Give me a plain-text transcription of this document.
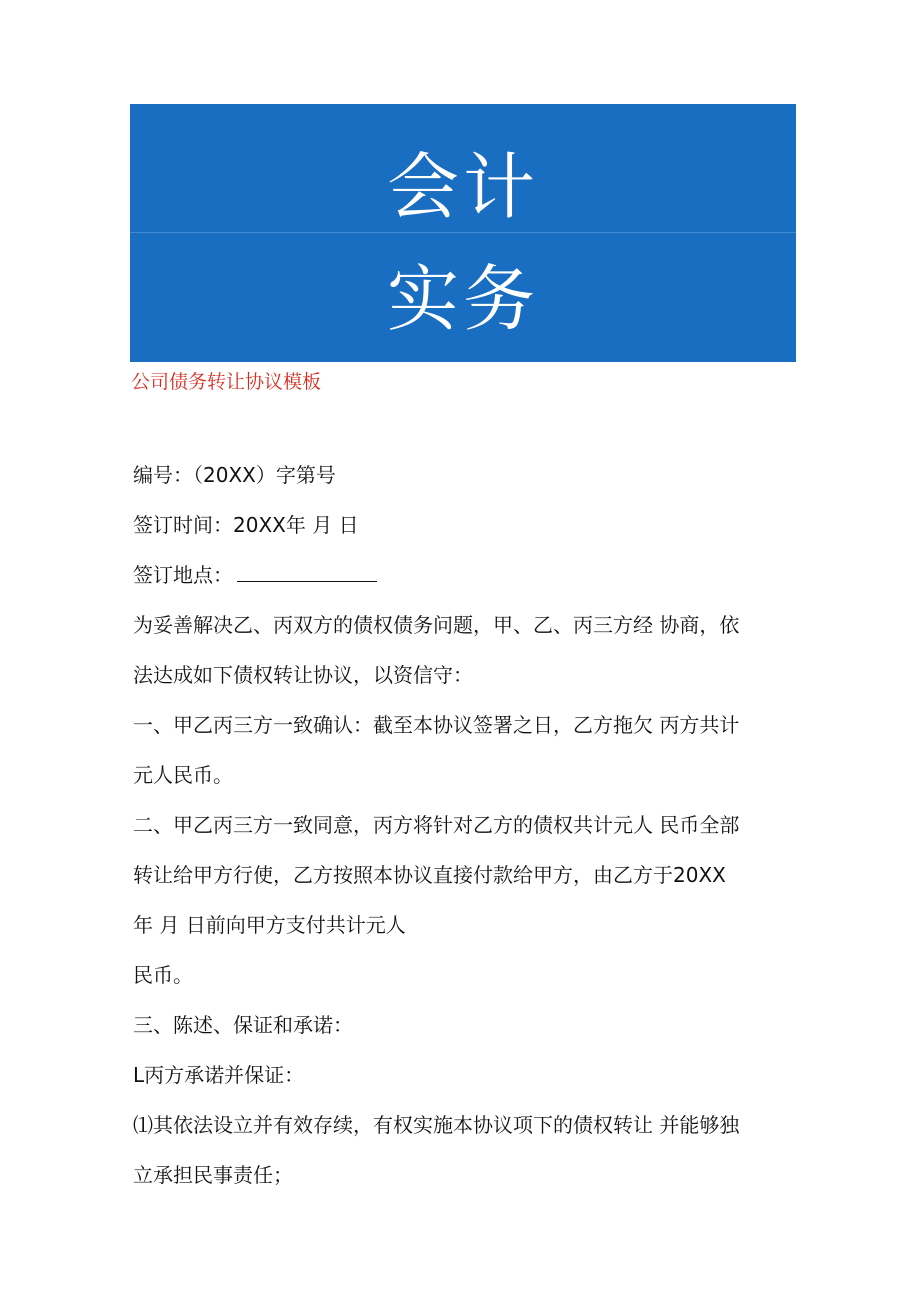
会计
实务
公司债务转让协议模板
编号：（20XX）字第号
签订时间：20XX年 月 日
签订地点：
为妥善解决乙、丙双方的债权债务问题，甲、乙、丙三方经 协商，依
法达成如下债权转让协议，以资信守：
一、甲乙丙三方一致确认：截至本协议签署之日，乙方拖欠 丙方共计
元人民币。
二、甲乙丙三方一致同意，丙方将针对乙方的债权共计元人 民币全部
转让给甲方行使，乙方按照本协议直接付款给甲方，由乙方于20XX
年 月 日前向甲方支付共计元人
民币。
三、陈述、保证和承诺：
L丙方承诺并保证：
⑴其依法设立并有效存续，有权实施本协议项下的债权转让 并能够独
立承担民事责任；
